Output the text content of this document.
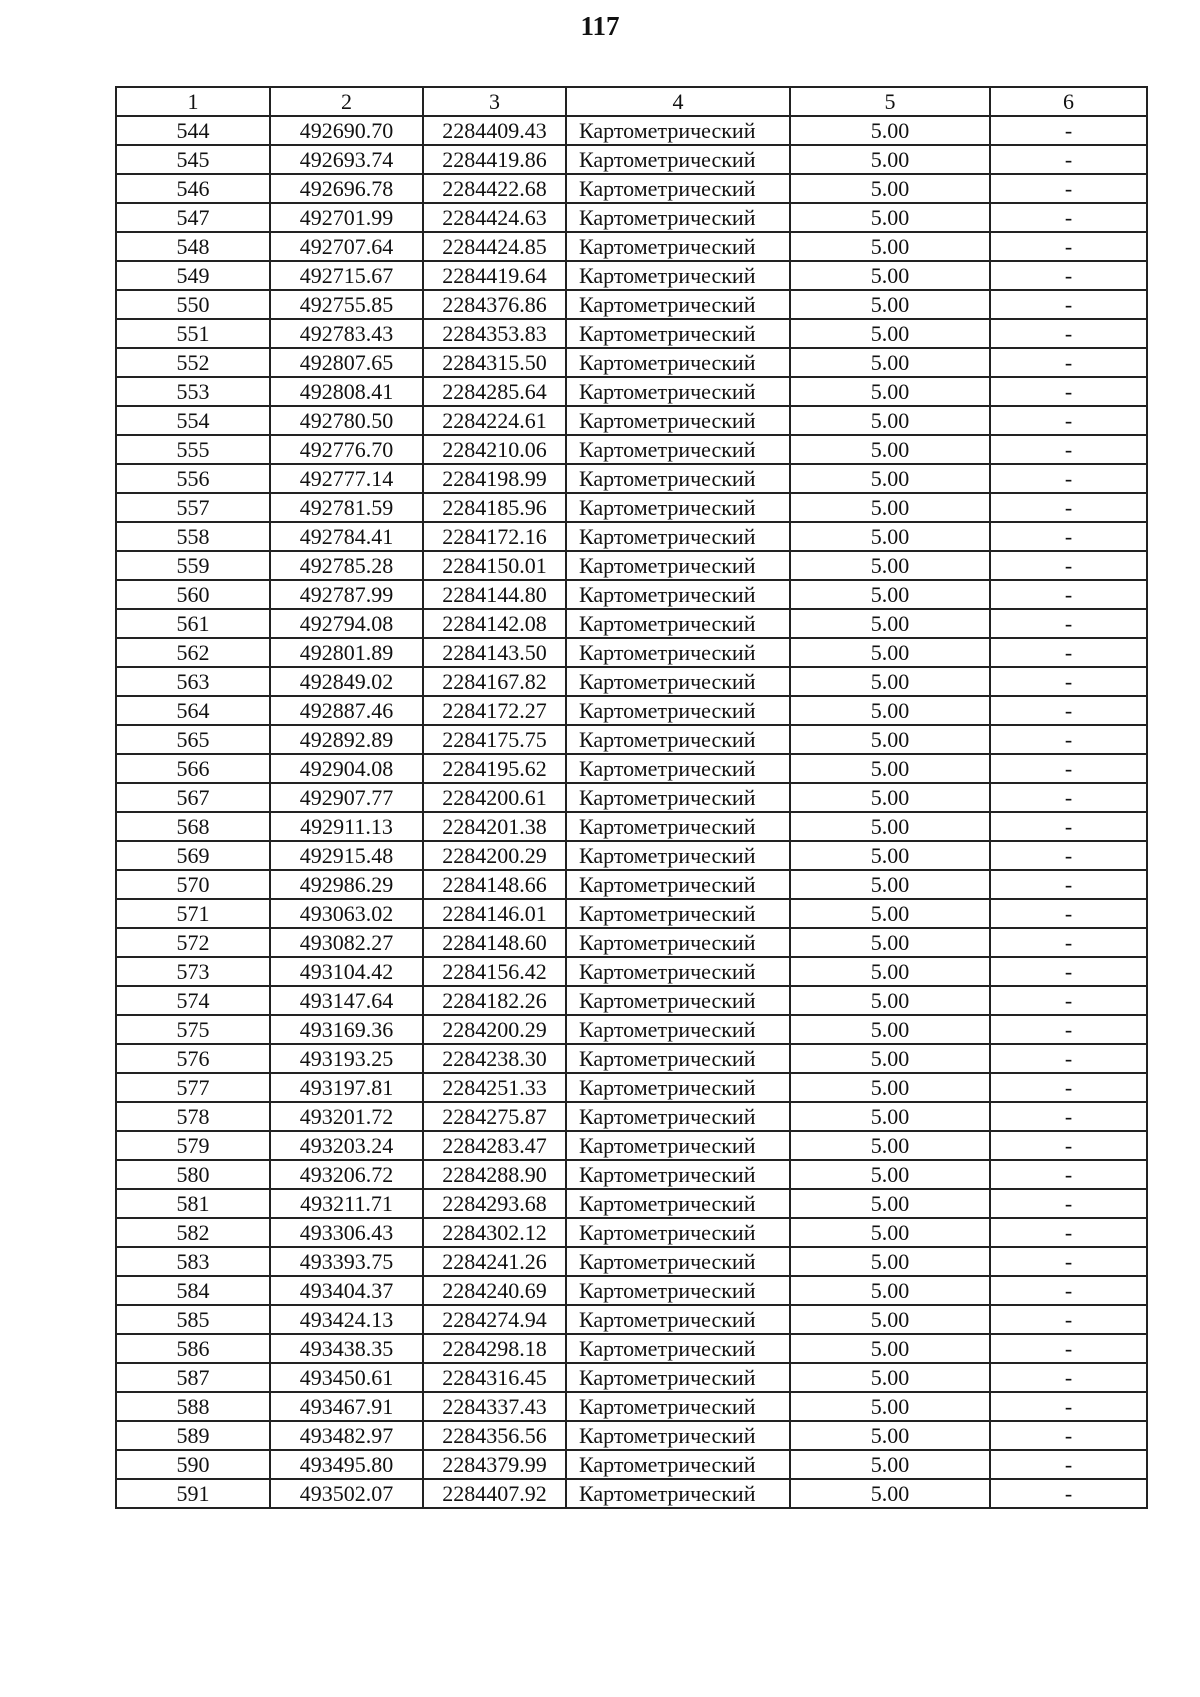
117
1	2	3	4	5	6
544	492690.70	2284409.43	Картометрический	5.00	-
545	492693.74	2284419.86	Картометрический	5.00	-
546	492696.78	2284422.68	Картометрический	5.00	-
547	492701.99	2284424.63	Картометрический	5.00	-
548	492707.64	2284424.85	Картометрический	5.00	-
549	492715.67	2284419.64	Картометрический	5.00	-
550	492755.85	2284376.86	Картометрический	5.00	-
551	492783.43	2284353.83	Картометрический	5.00	-
552	492807.65	2284315.50	Картометрический	5.00	-
553	492808.41	2284285.64	Картометрический	5.00	-
554	492780.50	2284224.61	Картометрический	5.00	-
555	492776.70	2284210.06	Картометрический	5.00	-
556	492777.14	2284198.99	Картометрический	5.00	-
557	492781.59	2284185.96	Картометрический	5.00	-
558	492784.41	2284172.16	Картометрический	5.00	-
559	492785.28	2284150.01	Картометрический	5.00	-
560	492787.99	2284144.80	Картометрический	5.00	-
561	492794.08	2284142.08	Картометрический	5.00	-
562	492801.89	2284143.50	Картометрический	5.00	-
563	492849.02	2284167.82	Картометрический	5.00	-
564	492887.46	2284172.27	Картометрический	5.00	-
565	492892.89	2284175.75	Картометрический	5.00	-
566	492904.08	2284195.62	Картометрический	5.00	-
567	492907.77	2284200.61	Картометрический	5.00	-
568	492911.13	2284201.38	Картометрический	5.00	-
569	492915.48	2284200.29	Картометрический	5.00	-
570	492986.29	2284148.66	Картометрический	5.00	-
571	493063.02	2284146.01	Картометрический	5.00	-
572	493082.27	2284148.60	Картометрический	5.00	-
573	493104.42	2284156.42	Картометрический	5.00	-
574	493147.64	2284182.26	Картометрический	5.00	-
575	493169.36	2284200.29	Картометрический	5.00	-
576	493193.25	2284238.30	Картометрический	5.00	-
577	493197.81	2284251.33	Картометрический	5.00	-
578	493201.72	2284275.87	Картометрический	5.00	-
579	493203.24	2284283.47	Картометрический	5.00	-
580	493206.72	2284288.90	Картометрический	5.00	-
581	493211.71	2284293.68	Картометрический	5.00	-
582	493306.43	2284302.12	Картометрический	5.00	-
583	493393.75	2284241.26	Картометрический	5.00	-
584	493404.37	2284240.69	Картометрический	5.00	-
585	493424.13	2284274.94	Картометрический	5.00	-
586	493438.35	2284298.18	Картометрический	5.00	-
587	493450.61	2284316.45	Картометрический	5.00	-
588	493467.91	2284337.43	Картометрический	5.00	-
589	493482.97	2284356.56	Картометрический	5.00	-
590	493495.80	2284379.99	Картометрический	5.00	-
591	493502.07	2284407.92	Картометрический	5.00	-
